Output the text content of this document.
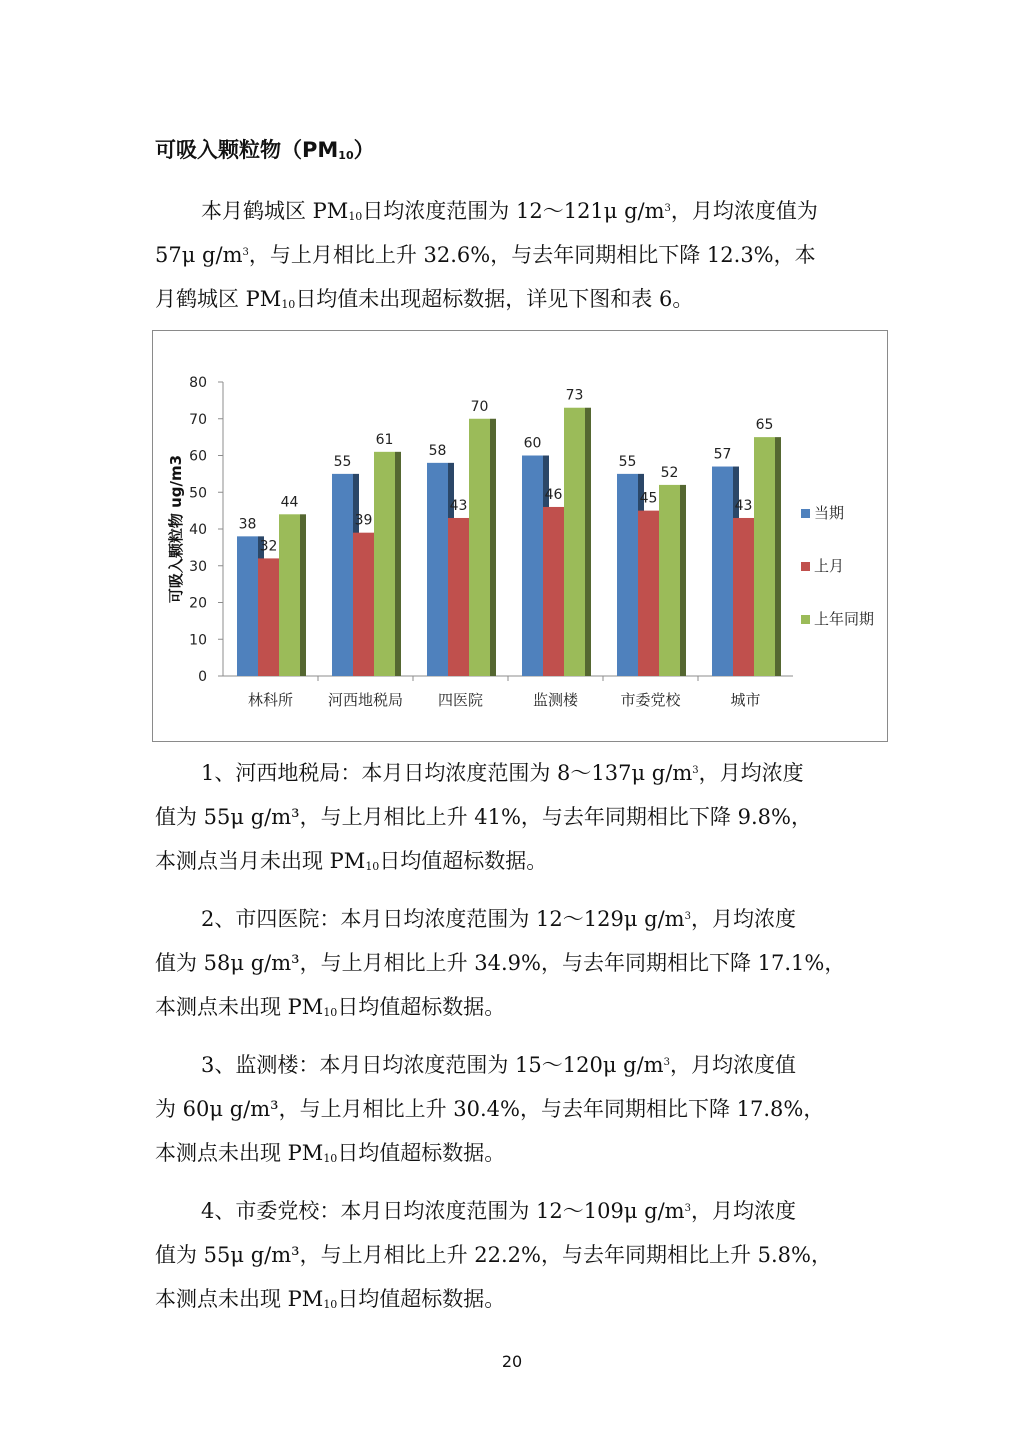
可吸入颗粒物$(PM_{10})$
本月鹤城区 $PM_{10}$日均浓度范围为 12～121μ $g/m^3$，月均浓度值为
57μ $g/m^3$，与上月相比上升 32.6%，与去年同期相比下降 12.3%，本
月鹤城区 $PM_{10}$日均值未出现超标数据，详见下图和表 6。
0
10
20
30
40
50
60
70
80
可吸入颗粒物 ug/m3	38
32
44
林科所
55
39
61
河西地税局
58
43
70
四医院
60
46
73
监测楼
55
45
52
市委党校
57
43
65
城市
当期
上月
上年同期
1、河西地税局：本月日均浓度范围为 8～137μ $g/m^3$，月均浓度
值为 55μ g/m³，与上月相比上升 41%，与去年同期相比下降 9.8%，
本测点当月未出现 $PM_{10}$日均值超标数据。
2、市四医院：本月日均浓度范围为 12～129μ $g/m^3$，月均浓度
值为 58μ g/m³，与上月相比上升 34.9%，与去年同期相比下降 17.1%，
本测点未出现 $PM_{10}$日均值超标数据。
3、监测楼：本月日均浓度范围为 15～120μ $g/m^3$，月均浓度值
为 60μ g/m³，与上月相比上升 30.4%，与去年同期相比下降 17.8%，
本测点未出现 $PM_{10}$日均值超标数据。
4、市委党校：本月日均浓度范围为 12～109μ $g/m^3$，月均浓度
值为 55μ g/m³，与上月相比上升 22.2%，与去年同期相比上升 5.8%，
本测点未出现 $PM_{10}$日均值超标数据。
20
